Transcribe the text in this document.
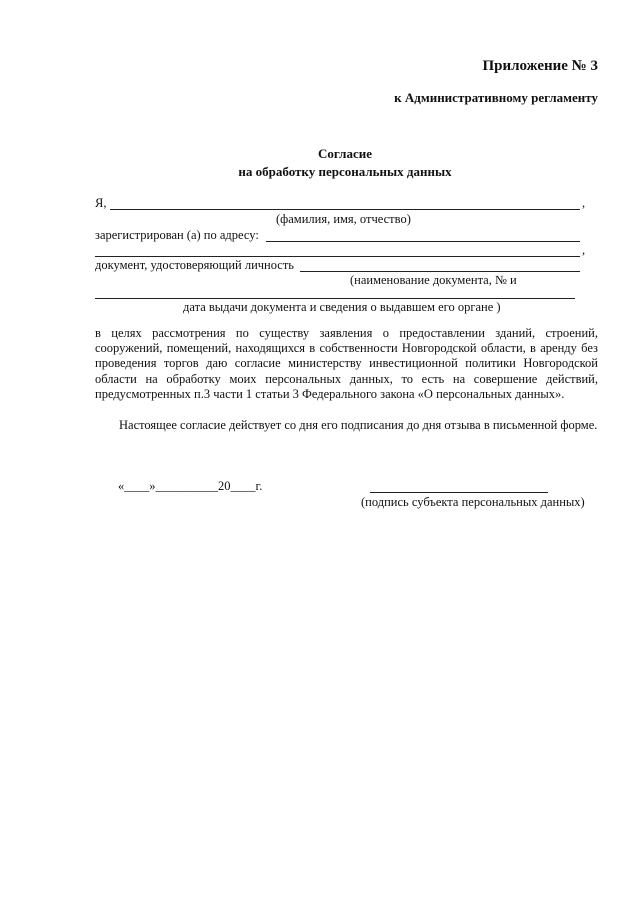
Приложение № 3
к Административному регламенту
Согласие
на обработку персональных данных
Я,	,
(фамилия, имя, отчество)
зарегистрирован (а) по адресу:
,
документ, удостоверяющий личность
(наименование документа, № и
дата выдачи документа и сведения о выдавшем его органе )
в целях рассмотрения по существу заявления о предоставлении зданий, строений, сооружений, помещений, находящихся в собственности Новгородской области, в аренду без проведения торгов даю согласие министерству инвестиционной политики Новгородской области на обработку моих персональных данных, то есть на совершение действий, предусмотренных п.3 части 1 статьи 3 Федерального закона «О персональных данных».
Настоящее согласие действует со дня его подписания до дня отзыва в письменной форме.
«____»__________20____г.
(подпись субъекта персональных данных)
